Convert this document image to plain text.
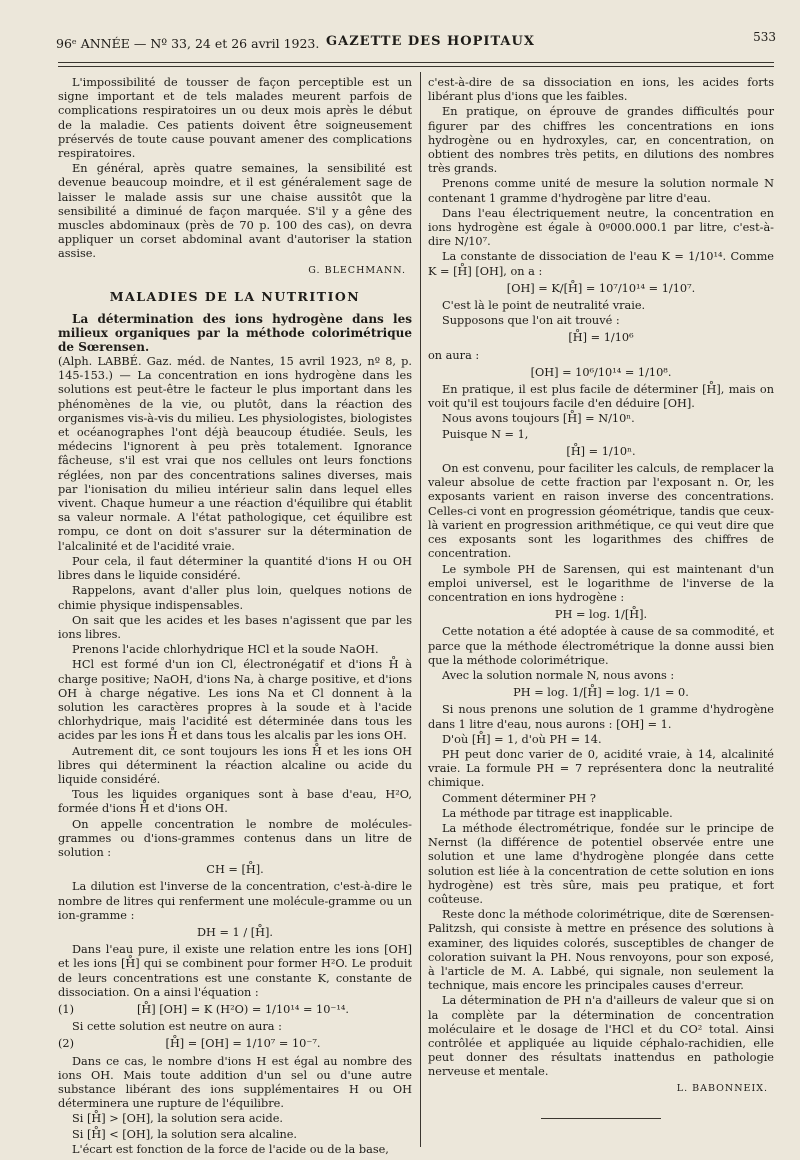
96ᵉ ANNÉE — Nº 33, 24 et 26 avril 1923. GAZETTE DES HOPITAUX	533

L'impossibilité de tousser de façon perceptible est un signe important et de tels malades meurent parfois de complications respiratoires un ou deux mois après le début de la maladie. Ces patients doivent être soigneusement préservés de toute cause pouvant amener des complications respiratoires.

En général, après quatre semaines, la sensibilité est devenue beaucoup moindre, et il est généralement sage de laisser le malade assis sur une chaise aussitôt que la sensibilité a diminué de façon marquée. S'il y a gêne des muscles abdominaux (près de 70 p. 100 des cas), on devra appliquer un corset abdominal avant d'autoriser la station assise.

G. BLECHMANN.
MALADIES DE LA NUTRITION

La détermination des ions hydrogène dans les milieux organiques par la méthode colorimétrique de Sœrensen.

(Alph. LABBÉ. Gaz. méd. de Nantes, 15 avril 1923, nº 8, p. 145-153.) — La concentration en ions hydrogène dans les solutions est peut-être le facteur le plus important dans les phénomènes de la vie, ou plutôt, dans la réaction des organismes vis-à-vis du milieu. Les physiologistes, biologistes et océanographes l'ont déjà beaucoup étudiée. Seuls, les médecins l'ignorent à peu près totalement. Ignorance fâcheuse, s'il est vrai que nos cellules ont leurs fonctions réglées, non par des concentrations salines diverses, mais par l'ionisation du milieu intérieur salin dans lequel elles vivent. Chaque humeur a une réaction d'équilibre qui établit sa valeur normale. A l'état pathologique, cet équilibre est rompu, ce dont on doit s'assurer sur la détermination de l'alcalinité et de l'acidité vraie.

Pour cela, il faut déterminer la quantité d'ions H ou OH libres dans le liquide considéré.

Rappelons, avant d'aller plus loin, quelques notions de chimie physique indispensables.

On sait que les acides et les bases n'agissent que par les ions libres.

Prenons l'acide chlorhydrique HCl et la soude NaOH.

HCl est formé d'un ion Cl, électronégatif et d'ions H̊ à charge positive; NaOH, d'ions Na, à charge positive, et d'ions OH à charge négative. Les ions Na et Cl donnent à la solution les caractères propres à la soude et à l'acide chlorhydrique, mais l'acidité est déterminée dans tous les acides par les ions H̊ et dans tous les alcalis par les ions OH.

Autrement dit, ce sont toujours les ions H̊ et les ions OH libres qui déterminent la réaction alcaline ou acide du liquide considéré.

Tous les liquides organiques sont à base d'eau, H²O, formée d'ions H̊ et d'ions OH.

On appelle concentration le nombre de molécules-grammes ou d'ions-grammes contenus dans un litre de solution :

CH = [H̊].

La dilution est l'inverse de la concentration, c'est-à-dire le nombre de litres qui renferment une molécule-gramme ou un ion-gramme :

DH = 1 / [H̊].

Dans l'eau pure, il existe une relation entre les ions [OH] et les ions [H̊] qui se combinent pour former H²O. Le produit de leurs concentrations est une constante K, constante de dissociation. On a ainsi l'équation :

(1)	[H̊] [OH] = K (H²O) = 1/10¹⁴ = 10⁻¹⁴.

Si cette solution est neutre on aura :

(2)	[H̊] = [OH] = 1/10⁷ = 10⁻⁷.

Dans ce cas, le nombre d'ions H est égal au nombre des ions OH. Mais toute addition d'un sel ou d'une autre substance libérant des ions supplémentaires H ou OH déterminera une rupture de l'équilibre.

Si [H̊] > [OH], la solution sera acide.

Si [H̊] < [OH], la solution sera alcaline.

L'écart est fonction de la force de l'acide ou de la base,

c'est-à-dire de sa dissociation en ions, les acides forts libérant plus d'ions que les faibles.

En pratique, on éprouve de grandes difficultés pour figurer par des chiffres les concentrations en ions hydrogène ou en hydroxyles, car, en concentration, on obtient des nombres très petits, en dilutions des nombres très grands.

Prenons comme unité de mesure la solution normale N contenant 1 gramme d'hydrogène par litre d'eau.

Dans l'eau électriquement neutre, la concentration en ions hydrogène est égale à 0ᵍ000.000.1 par litre, c'est-à-dire N/10⁷.

La constante de dissociation de l'eau K = 1/10¹⁴. Comme K = [H̊] [OH], on a :

[OH] = K/[H̊] = 10⁷/10¹⁴ = 1/10⁷.

C'est là le point de neutralité vraie.

Supposons que l'on ait trouvé :

[H̊] = 1/10⁶

on aura :

[OH] = 10⁶/10¹⁴ = 1/10⁸.

En pratique, il est plus facile de déterminer [H̊], mais on voit qu'il est toujours facile d'en déduire [OH].

Nous avons toujours [H̊] = N/10ⁿ.

Puisque N = 1,

[H̊] = 1/10ⁿ.

On est convenu, pour faciliter les calculs, de remplacer la valeur absolue de cette fraction par l'exposant n. Or, les exposants varient en raison inverse des concentrations. Celles-ci vont en progression géométrique, tandis que ceux-là varient en progression arithmétique, ce qui veut dire que ces exposants sont les logarithmes des chiffres de concentration.

Le symbole PH de Sarensen, qui est maintenant d'un emploi universel, est le logarithme de l'inverse de la concentration en ions hydrogène :

PH = log. 1/[H̊].

Cette notation a été adoptée à cause de sa commodité, et parce que la méthode électrométrique la donne aussi bien que la méthode colorimétrique.

Avec la solution normale N, nous avons :

PH = log. 1/[H̊] = log. 1/1 = 0.

Si nous prenons une solution de 1 gramme d'hydrogène dans 1 litre d'eau, nous aurons : [OH] = 1.

D'où [H̊] = 1, d'où PH = 14.

PH peut donc varier de 0, acidité vraie, à 14, alcalinité vraie. La formule PH = 7 représentera donc la neutralité chimique.

Comment déterminer PH ?

La méthode par titrage est inapplicable.

La méthode électrométrique, fondée sur le principe de Nernst (la différence de potentiel observée entre une solution et une lame d'hydrogène plongée dans cette solution est liée à la concentration de cette solution en ions hydrogène) est très sûre, mais peu pratique, et fort coûteuse.

Reste donc la méthode colorimétrique, dite de Sœrensen-Palitzsh, qui consiste à mettre en présence des solutions à examiner, des liquides colorés, susceptibles de changer de coloration suivant la PH. Nous renvoyons, pour son exposé, à l'article de M. A. Labbé, qui signale, non seulement la technique, mais encore les principales causes d'erreur.

La détermination de PH n'a d'ailleurs de valeur que si on la complète par la détermination de concentration moléculaire et le dosage de l'HCl et du CO² total. Ainsi contrôlée et appliquée au liquide céphalo-rachidien, elle peut donner des résultats inattendus en pathologie nerveuse et mentale.

L. BABONNEIX.
